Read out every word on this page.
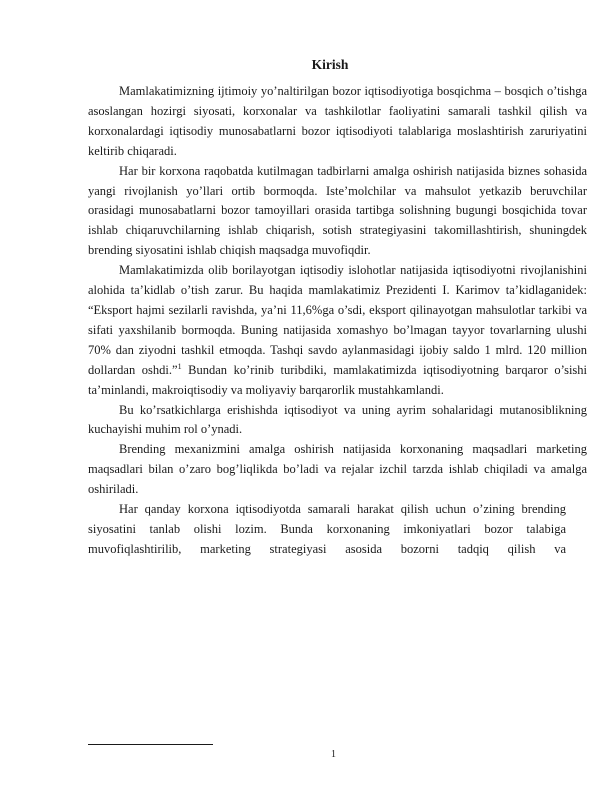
Kirish

Mamlakatimizning ijtimoiy yo’naltirilgan bozor iqtisodiyotiga bosqichma – bosqich o’tishga asoslangan hozirgi siyosati, korxonalar va tashkilotlar faoliyatini samarali tashkil qilish va korxonalardagi iqtisodiy munosabatlarni bozor iqtisodiyoti talablariga moslashtirish zaruriyatini keltirib chiqaradi.

Har bir korxona raqobatda kutilmagan tadbirlarni amalga oshirish natijasida biznes sohasida yangi rivojlanish yo’llari ortib bormoqda. Iste’molchilar va mahsulot yetkazib beruvchilar orasidagi munosabatlarni bozor tamoyillari orasida tartibga solishning bugungi bosqichida tovar ishlab chiqaruvchilarning ishlab chiqarish, sotish strategiyasini takomillashtirish, shuningdek brending siyosatini ishlab chiqish maqsadga muvofiqdir.

Mamlakatimizda olib borilayotgan iqtisodiy islohotlar natijasida iqtisodiyotni rivojlanishini alohida ta’kidlab o’tish zarur. Bu haqida mamlakatimiz Prezidenti I. Karimov ta’kidlaganidek: “Eksport hajmi sezilarli ravishda, ya’ni 11,6%ga o’sdi, eksport qilinayotgan mahsulotlar tarkibi va sifati yaxshilanib bormoqda. Buning natijasida xomashyo bo’lmagan tayyor tovarlarning ulushi 70% dan ziyodni tashkil etmoqda. Tashqi savdo aylanmasidagi ijobiy saldo 1 mlrd. 120 million dollardan oshdi.”$^1$ Bundan ko’rinib turibdiki, mamlakatimizda iqtisodiyotning barqaror o’sishi ta’minlandi, makroiqtisodiy va moliyaviy barqarorlik mustahkamlandi.

Bu ko’rsatkichlarga erishishda iqtisodiyot va uning ayrim sohalaridagi mutanosiblikning kuchayishi muhim rol o’ynadi.

Brending mexanizmini amalga oshirish natijasida korxonaning maqsadlari marketing maqsadlari bilan o’zaro bog’liqlikda bo’ladi va rejalar izchil tarzda ishlab chiqiladi va amalga oshiriladi.

Har qanday korxona iqtisodiyotda samarali harakat qilish uchun o’zining brending siyosatini tanlab olishi lozim. Bunda korxonaning imkoniyatlari bozor talabiga muvofiqlashtirilib, marketing strategiyasi asosida bozorni tadqiq qilish va

1
